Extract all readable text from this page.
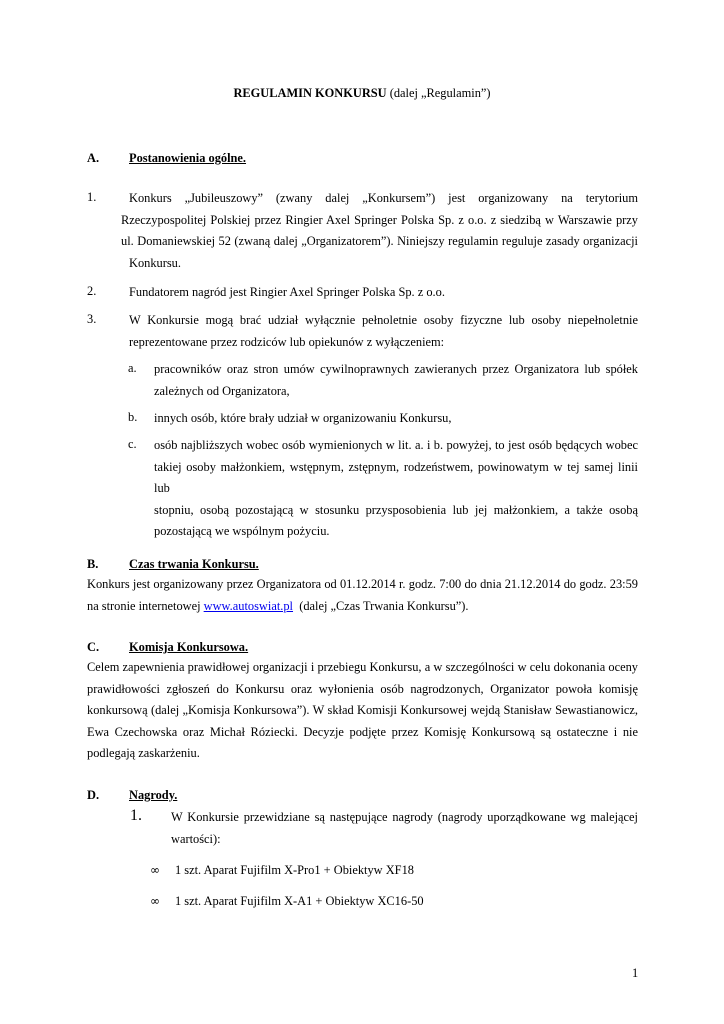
REGULAMIN KONKURSU (dalej „Regulamin”)
A. Postanowienia ogólne.
1.	Konkurs „Jubileuszowy” (zwany dalej „Konkursem”) jest organizowany na terytorium
Rzeczypospolitej Polskiej przez Ringier Axel Springer Polska Sp. z o.o. z siedzibą w Warszawie przy
ul. Domaniewskiej 52 (zwaną dalej „Organizatorem”). Niniejszy regulamin reguluje zasady organizacji
Konkursu.
2.	Fundatorem nagród jest Ringier Axel Springer Polska Sp. z o.o.
3.	W Konkursie mogą brać udział wyłącznie pełnoletnie osoby fizyczne lub osoby niepełnoletnie
reprezentowane przez rodziców lub opiekunów z wyłączeniem:
a. pracowników oraz stron umów cywilnoprawnych zawieranych przez Organizatora lub spółek
zależnych od Organizatora,
b. innych osób, które brały udział w organizowaniu Konkursu,
c. osób najbliższych wobec osób wymienionych w lit. a. i b. powyżej, to jest osób będących wobec
takiej osoby małżonkiem, wstępnym, zstępnym, rodzeństwem, powinowatym w tej samej linii lub
stopniu, osobą pozostającą w stosunku przysposobienia lub jej małżonkiem, a także osobą
pozostającą we wspólnym pożyciu.
B. Czas trwania Konkursu.
Konkurs jest organizowany przez Organizatora od 01.12.2014 r. godz. 7:00 do dnia 21.12.2014 do godz. 23:59
na stronie internetowej www.autoswiat.pl  (dalej „Czas Trwania Konkursu”).
C. Komisja Konkursowa.
Celem zapewnienia prawidłowej organizacji i przebiegu Konkursu, a w szczególności w celu dokonania oceny
prawidłowości zgłoszeń do Konkursu oraz wyłonienia osób nagrodzonych, Organizator powoła komisję
konkursową (dalej „Komisja Konkursowa”). W skład Komisji Konkursowej wejdą Stanisław Sewastianowicz,
Ewa Czechowska oraz Michał Róziecki. Decyzje podjęte przez Komisję Konkursową są ostateczne i nie
podlegają zaskarżeniu.
D. Nagrody.
1. W Konkursie przewidziane są następujące nagrody (nagrody uporządkowane wg malejącej
wartości):
∞ 1 szt. Aparat Fujifilm X-Pro1 + Obiektyw XF18
∞ 1 szt. Aparat Fujifilm X-A1 + Obiektyw XC16-50
1
